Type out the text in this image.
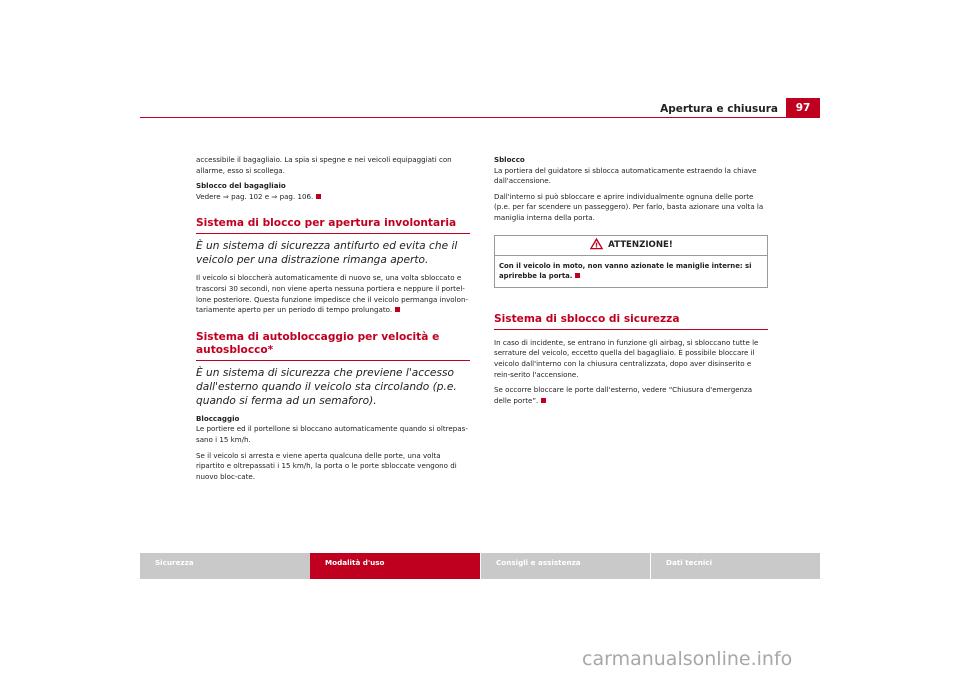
Apertura e chiusura	97

accessibile il bagagliaio. La spia si spegne e nei veicoli equipaggiati con allarme, esso si scollega.

Sblocco del bagagliaio

Vedere ⇒ pag. 102 e ⇒ pag. 106.

Sistema di blocco per apertura involontaria
È un sistema di sicurezza antifurto ed evita che il veicolo per una distrazione rimanga aperto.

Il veicolo si bloccherà automaticamente di nuovo se, una volta sbloccato e trascorsi 30 secondi, non viene aperta nessuna portiera e neppure il portel-lone posteriore. Questa funzione impedisce che il veicolo permanga involon-tariamente aperto per un periodo di tempo prolungato.

Sistema di autobloccaggio per velocità e autosblocco*
È un sistema di sicurezza che previene l'accesso dall'esterno quando il veicolo sta circolando (p.e. quando si ferma ad un semaforo).

Bloccaggio

Le portiere ed il portellone si bloccano automaticamente quando si oltrepas-sano i 15 km/h.

Se il veicolo si arresta e viene aperta qualcuna delle porte, una volta ripartito e oltrepassati i 15 km/h, la porta o le porte sbloccate vengono di nuovo bloc-cate.

Sblocco

La portiera del guidatore si sblocca automaticamente estraendo la chiave dall'accensione.

Dall'interno si può sbloccare e aprire individualmente ognuna delle porte (p.e. per far scendere un passeggero). Per farlo, basta azionare una volta la maniglia interna della porta.

ATTENZIONE!
Con il veicolo in moto, non vanno azionate le maniglie interne: si aprirebbe la porta.
Sistema di sblocco di sicurezza

In caso di incidente, se entrano in funzione gli airbag, si sbloccano tutte le serrature del veicolo, eccetto quella del bagagliaio. È possibile bloccare il veicolo dall'interno con la chiusura centralizzata, dopo aver disinserito e rein-serito l'accensione.

Se occorre bloccare le porte dall'esterno, vedere “Chiusura d'emergenza delle porte”.

Sicurezza	Modalità d'uso	Consigli e assistenza	Dati tecnici
carmanualsonline.info
